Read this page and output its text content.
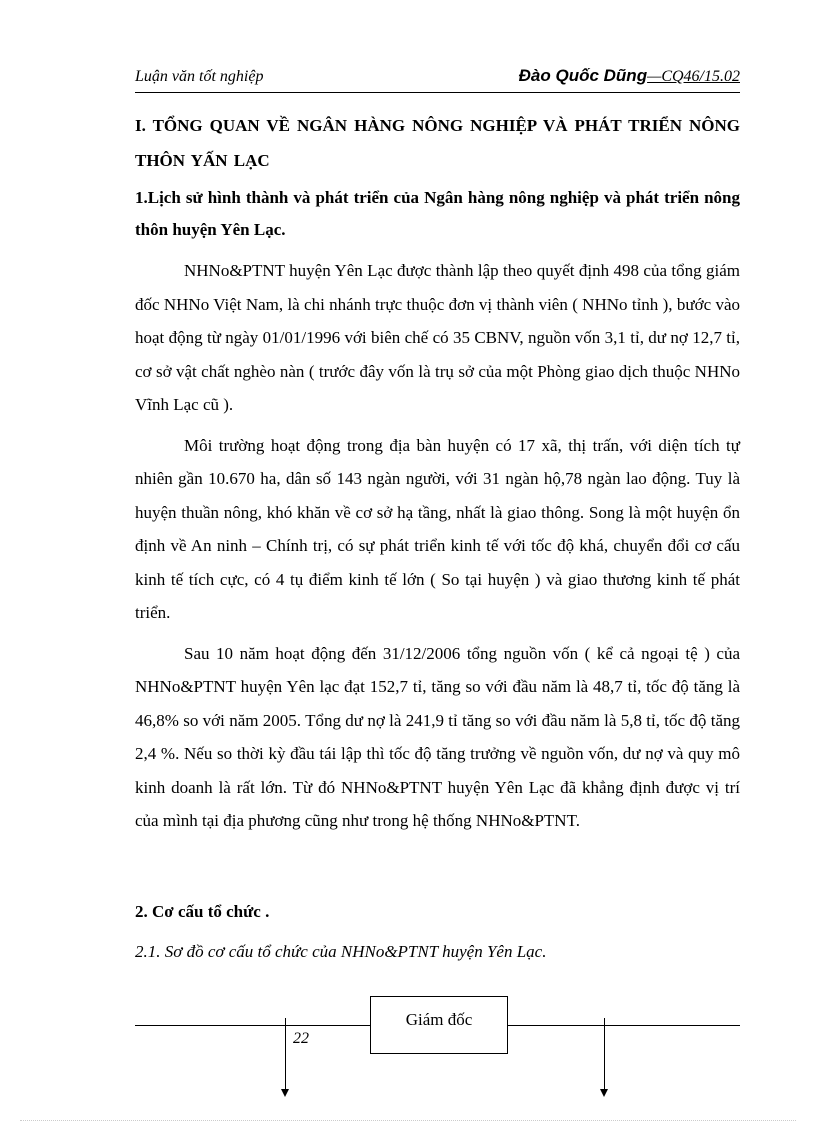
Luận văn tốt nghiệp	Đào Quốc Dũng—CQ46/15.02
I. TỔNG QUAN VỀ NGÂN HÀNG NÔNG NGHIỆP VÀ PHÁT TRIỂN NÔNG THÔN YẤN LẠC
1.Lịch sử hình thành và phát triển của Ngân hàng nông nghiệp và phát triển nông thôn huyện Yên Lạc.

NHNo&PTNT huyện Yên Lạc được thành lập theo quyết định 498 của tổng giám đốc NHNo Việt Nam, là chi nhánh trực thuộc đơn vị thành viên ( NHNo tỉnh ), bước vào hoạt động từ ngày 01/01/1996 với biên chế có 35 CBNV, nguồn vốn 3,1 tỉ, dư nợ 12,7 tỉ, cơ sở vật chất nghèo nàn ( trước đây vốn là trụ sở của một Phòng giao dịch thuộc NHNo Vĩnh Lạc cũ ).

Môi trường hoạt động trong địa bàn huyện có 17 xã, thị trấn, với diện tích tự nhiên gần 10.670 ha, dân số 143 ngàn người, với 31 ngàn hộ,78 ngàn lao động. Tuy là huyện thuần nông, khó khăn về cơ sở hạ tầng, nhất là giao thông. Song là một huyện ổn định về An ninh – Chính trị, có sự phát triển kinh tế với tốc độ khá, chuyển đổi cơ cấu kinh tế tích cực, có 4 tụ điểm kinh tế lớn ( So tại huyện ) và giao thương kinh tế phát triển.

Sau 10 năm hoạt động đến 31/12/2006 tổng nguồn vốn ( kể cả ngoại tệ ) của NHNo&PTNT huyện Yên lạc đạt 152,7 tỉ, tăng so với đầu năm là 48,7 tỉ, tốc độ tăng là 46,8% so với năm 2005. Tổng dư nợ là 241,9 tỉ tăng so với đầu năm là 5,8 tỉ, tốc độ tăng 2,4 %. Nếu so thời kỳ đầu tái lập thì tốc độ tăng trưởng về nguồn vốn, dư nợ và quy mô kinh doanh là rất lớn. Từ đó NHNo&PTNT huyện Yên Lạc đã khẳng định được vị trí của mình tại địa phương cũng như trong hệ thống NHNo&PTNT.

2. Cơ cấu tổ chức .
2.1. Sơ đồ cơ cấu tổ chức của NHNo&PTNT huyện Yên Lạc.
Giám đốc
22
